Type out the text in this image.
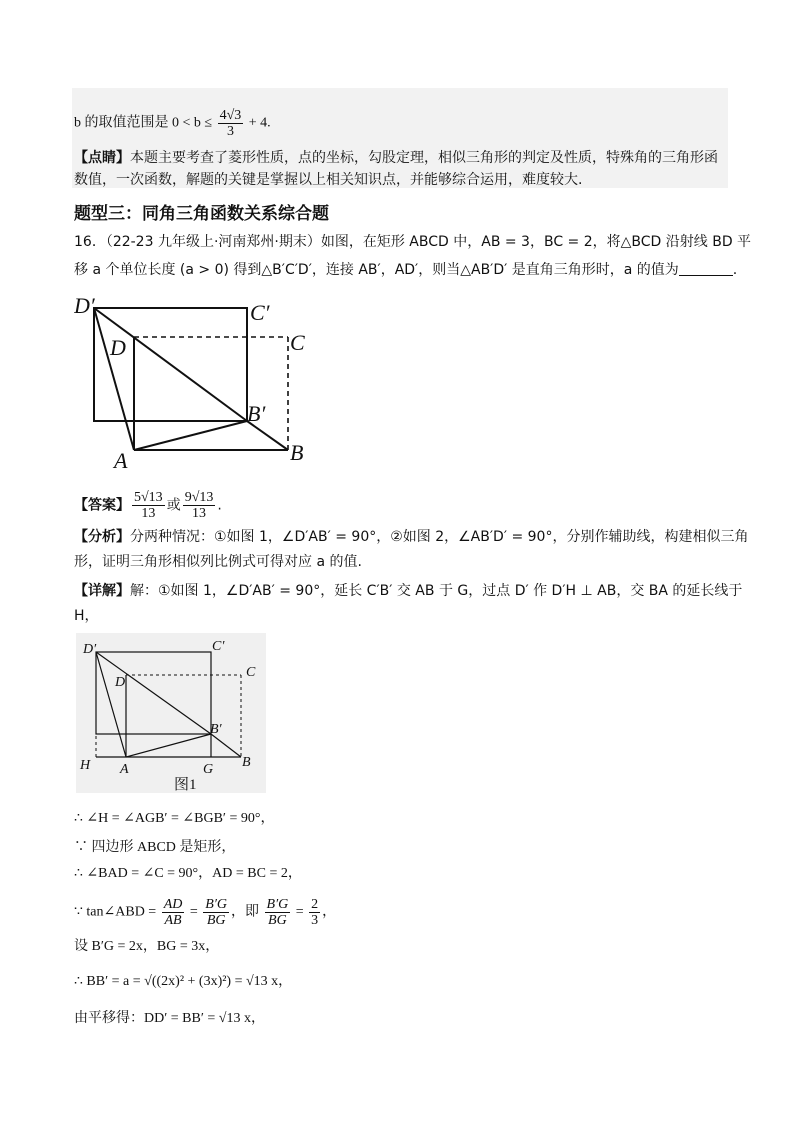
b 的取值范围是 $0 < b \le \frac{4√3}{3} + 4$.
【点睛】本题主要考查了菱形性质，点的坐标，勾股定理，相似三角形的判定及性质，特殊角的三角形函
数值，一次函数，解题的关键是掌握以上相关知识点，并能够综合运用，难度较大.
题型三：同角三角函数关系综合题
16．（22-23 九年级上·河南郑州·期末）如图，在矩形 ABCD 中，AB = 3，BC = 2，将△BCD 沿射线 BD 平
移 a 个单位长度 (a > 0) 得到△B′C′D′，连接 AB′，AD′，则当△AB′D′ 是直角三角形时，a 的值为	.
D′	C′
D	C
B′
A	B
【答案】 $\frac{5√13}{13}$ 或 $\frac{9√13}{13}$ .
【分析】分两种情况：①如图 1，∠D′AB′ = 90°，②如图 2，∠AB′D′ = 90°，分别作辅助线，构建相似三角
形，证明三角形相似列比例式可得对应 a 的值.
【详解】解：①如图 1，∠D′AB′ = 90°，延长 C′B′ 交 AB 于 G，过点 D′ 作 D′H ⊥ AB，交 BA 的延长线于
H，
D′	C′
D
C
B′
H A	G B
图1
∴ ∠H = ∠AGB′ = ∠BGB′ = 90°，
∵ 四边形 ABCD 是矩形，
∴ ∠BAD = ∠C = 90°，AD = BC = 2，
∵ tan∠ABD = $\frac{AD}{AB} = \frac{B'G}{BG}$ ，即 $\frac{B'G}{BG} = \frac{2}{3}$ ，
设 B′G = 2x，BG = 3x，
∴ BB′ = a = √((2x)² + (3x)²) = √13 x，
由平移得：DD′ = BB′ = √13 x，
